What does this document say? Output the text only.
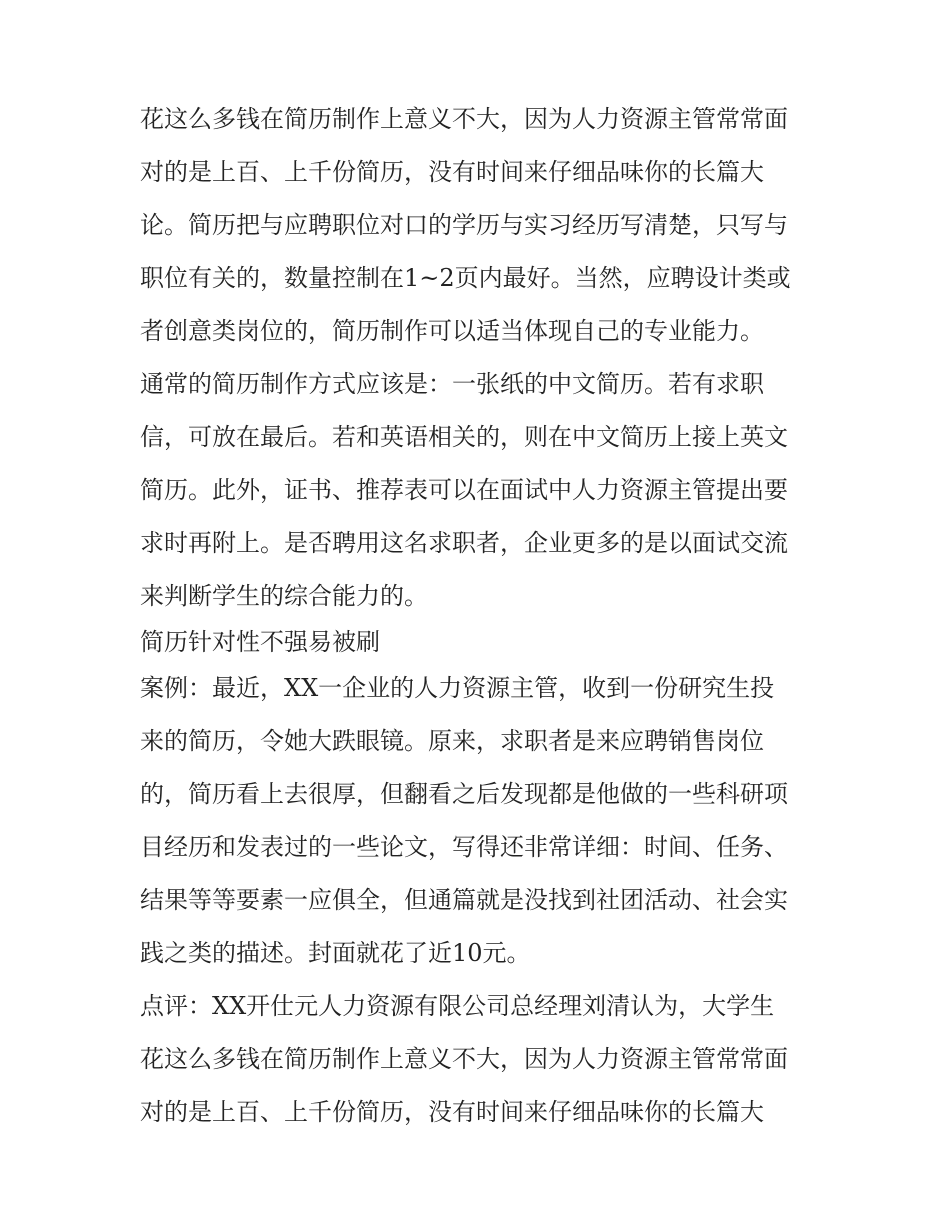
花这么多钱在简历制作上意义不大，因为人力资源主管常常面
对的是上百、上千份简历，没有时间来仔细品味你的长篇大
论。简历把与应聘职位对口的学历与实习经历写清楚，只写与
职位有关的，数量控制在1~2页内最好。当然，应聘设计类或
者创意类岗位的，简历制作可以适当体现自己的专业能力。
通常的简历制作方式应该是：一张纸的中文简历。若有求职
信，可放在最后。若和英语相关的，则在中文简历上接上英文
简历。此外，证书、推荐表可以在面试中人力资源主管提出要
求时再附上。是否聘用这名求职者，企业更多的是以面试交流
来判断学生的综合能力的。
简历针对性不强易被刷
案例：最近，XX一企业的人力资源主管，收到一份研究生投
来的简历，令她大跌眼镜。原来，求职者是来应聘销售岗位
的，简历看上去很厚，但翻看之后发现都是他做的一些科研项
目经历和发表过的一些论文，写得还非常详细：时间、任务、
结果等等要素一应俱全，但通篇就是没找到社团活动、社会实
践之类的描述。封面就花了近10元。
点评：XX开仕元人力资源有限公司总经理刘清认为，大学生
花这么多钱在简历制作上意义不大，因为人力资源主管常常面
对的是上百、上千份简历，没有时间来仔细品味你的长篇大
